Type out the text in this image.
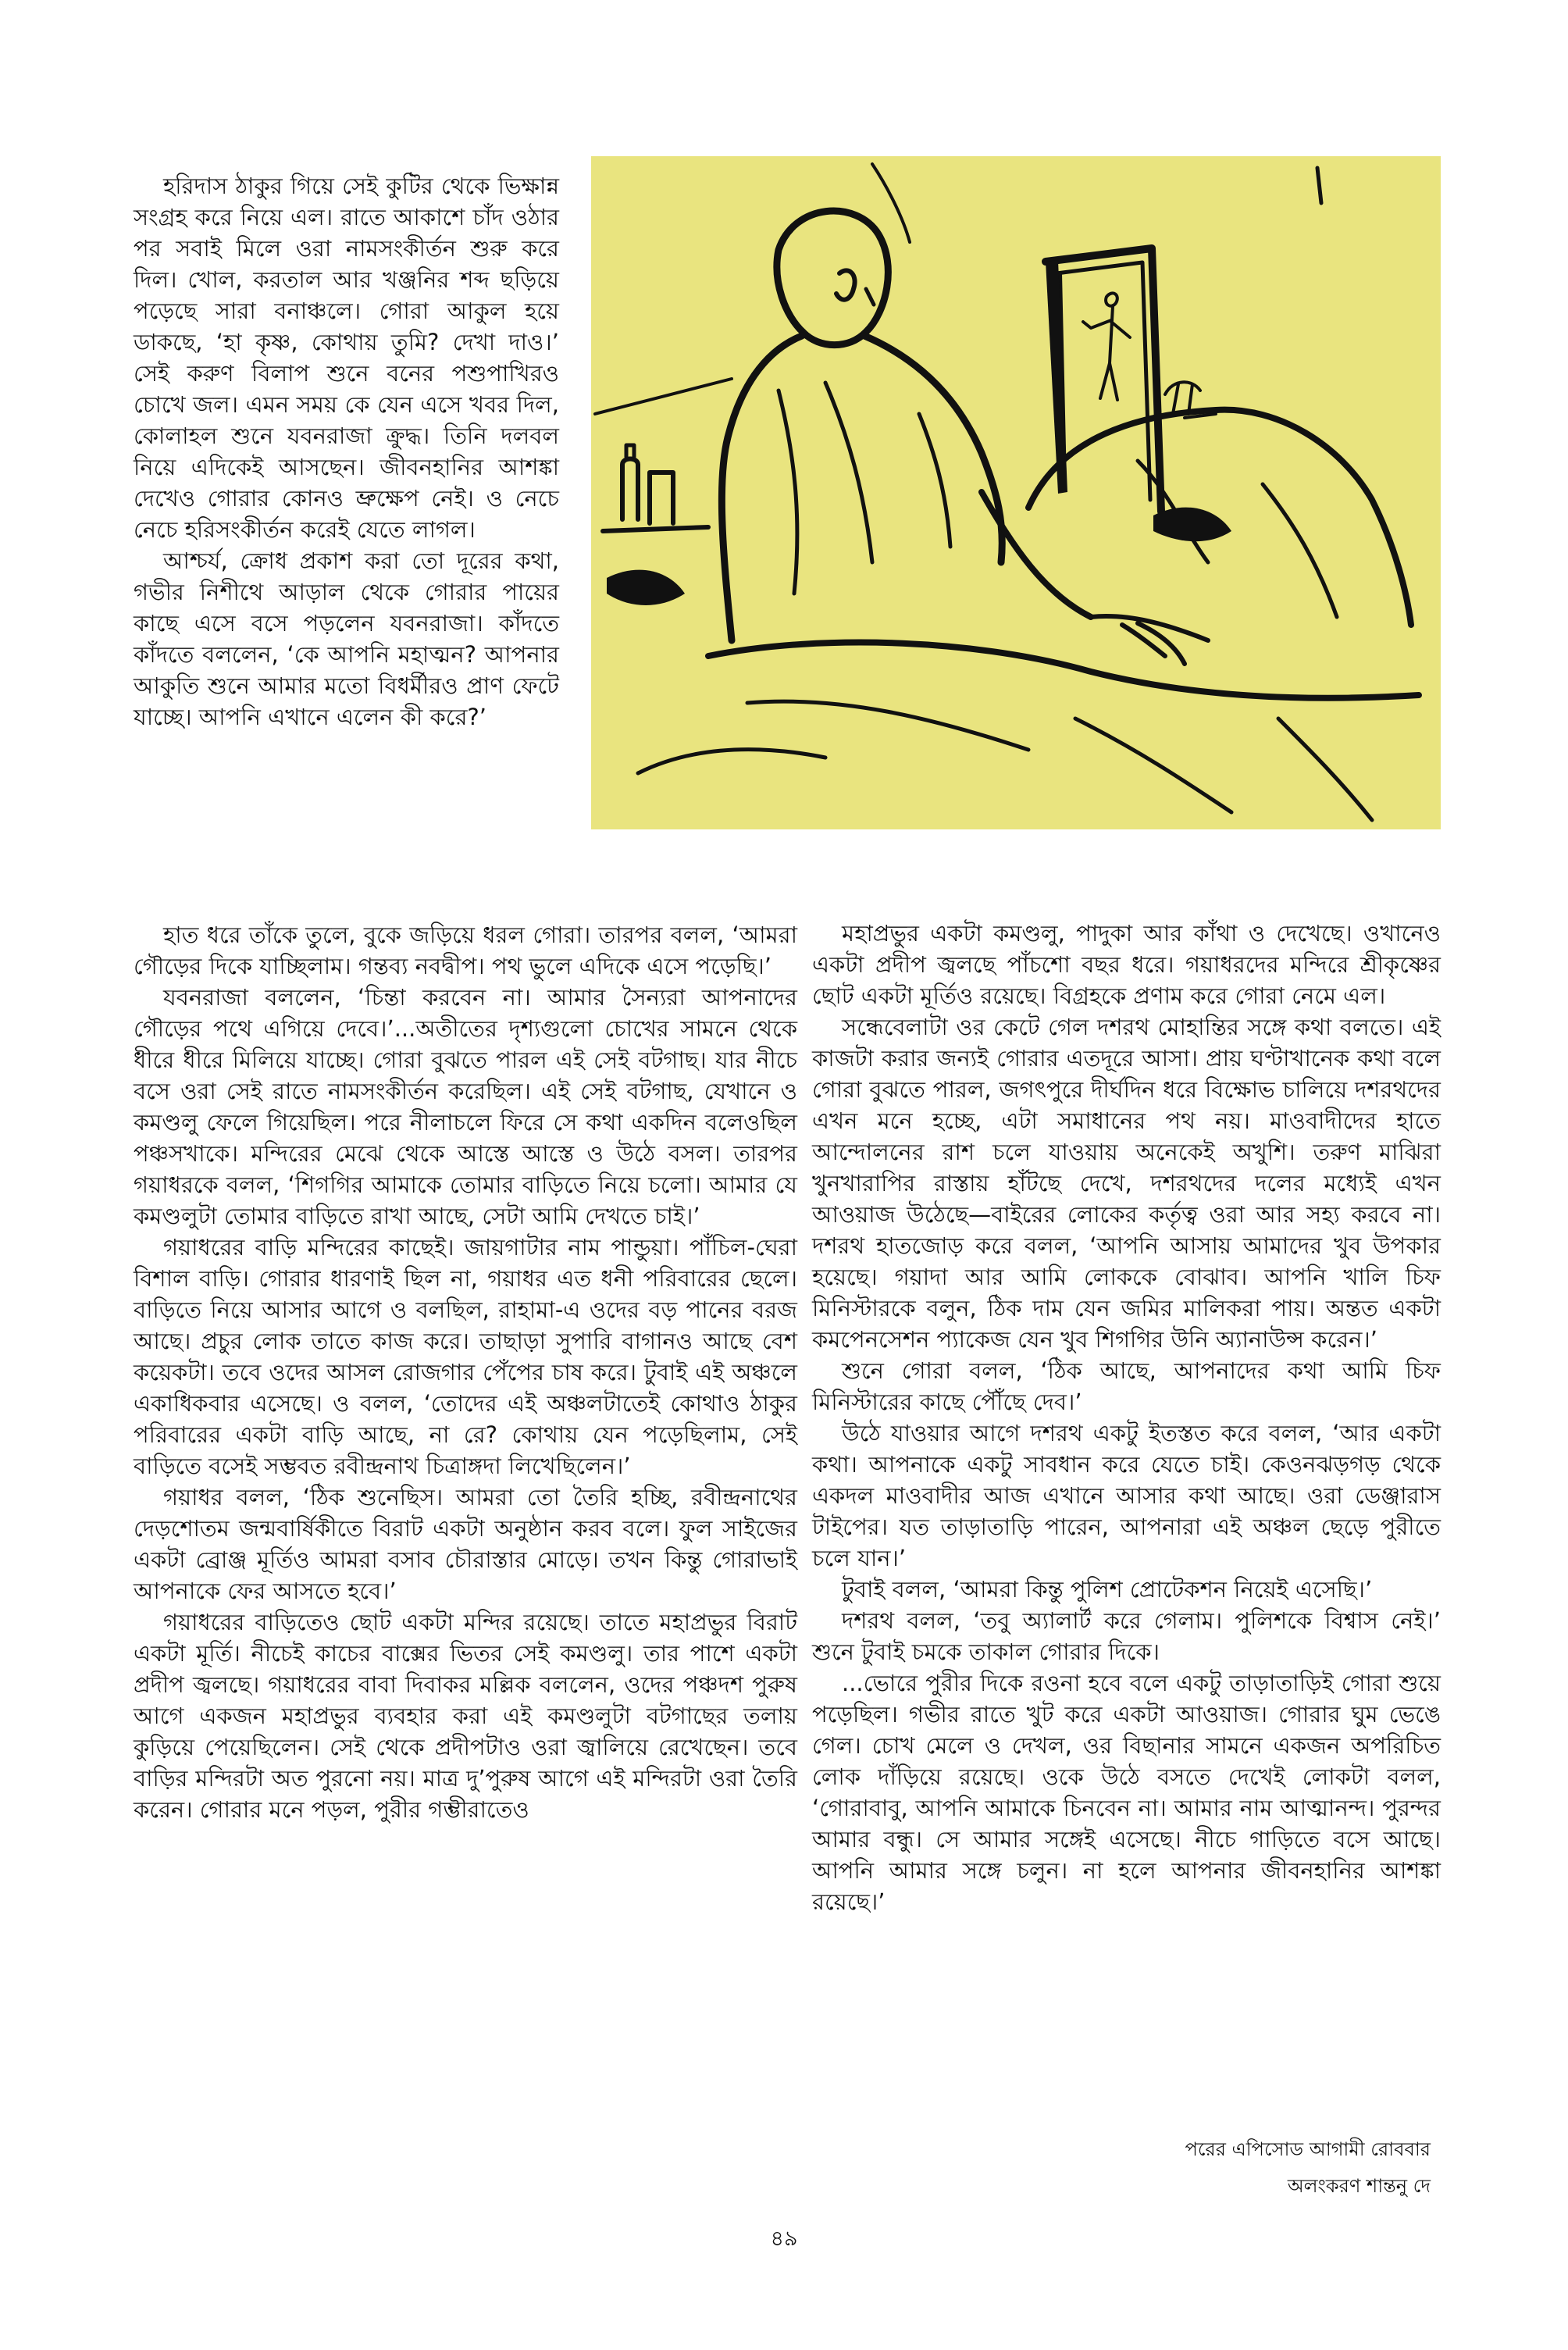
হরিদাস ঠাকুর গিয়ে সেই কুটির থেকে ভিক্ষান্ন সংগ্রহ করে নিয়ে এল। রাতে আকাশে চাঁদ ওঠার পর সবাই মিলে ওরা নামসংকীর্তন শুরু করে দিল। খোল, করতাল আর খঞ্জনির শব্দ ছড়িয়ে পড়েছে সারা বনাঞ্চলে। গোরা আকুল হয়ে ডাকছে, ‘হা কৃষ্ণ, কোথায় তুমি? দেখা দাও।’ সেই করুণ বিলাপ শুনে বনের পশুপাখিরও চোখে জল। এমন সময় কে যেন এসে খবর দিল, কোলাহল শুনে যবনরাজা ক্রুদ্ধ। তিনি দলবল নিয়ে এদিকেই আসছেন। জীবনহানির আশঙ্কা দেখেও গোরার কোনও ভ্রুক্ষেপ নেই। ও নেচে নেচে হরিসংকীর্তন করেই যেতে লাগল।

আশ্চর্য, ক্রোধ প্রকাশ করা তো দূরের কথা, গভীর নিশীথে আড়াল থেকে গোরার পায়ের কাছে এসে বসে পড়লেন যবনরাজা। কাঁদতে কাঁদতে বললেন, ‘কে আপনি মহাত্মন? আপনার আকুতি শুনে আমার মতো বিধর্মীরও প্রাণ ফেটে যাচ্ছে। আপনি এখানে এলেন কী করে?’

হাত ধরে তাঁকে তুলে, বুকে জড়িয়ে ধরল গোরা। তারপর বলল, ‘আমরা গৌড়ের দিকে যাচ্ছিলাম। গন্তব্য নবদ্বীপ। পথ ভুলে এদিকে এসে পড়েছি।’

যবনরাজা বললেন, ‘চিন্তা করবেন না। আমার সৈন্যরা আপনাদের গৌড়ের পথে এগিয়ে দেবে।’...অতীতের দৃশ্যগুলো চোখের সামনে থেকে ধীরে ধীরে মিলিয়ে যাচ্ছে। গোরা বুঝতে পারল এই সেই বটগাছ। যার নীচে বসে ওরা সেই রাতে নামসংকীর্তন করেছিল। এই সেই বটগাছ, যেখানে ও কমণ্ডলু ফেলে গিয়েছিল। পরে নীলাচলে ফিরে সে কথা একদিন বলেওছিল পঞ্চসখাকে। মন্দিরের মেঝে থেকে আস্তে আস্তে ও উঠে বসল। তারপর গয়াধরকে বলল, ‘শিগগির আমাকে তোমার বাড়িতে নিয়ে চলো। আমার যে কমণ্ডলুটা তোমার বাড়িতে রাখা আছে, সেটা আমি দেখতে চাই।’

গয়াধরের বাড়ি মন্দিরের কাছেই। জায়গাটার নাম পান্ডুয়া। পাঁচিল-ঘেরা বিশাল বাড়ি। গোরার ধারণাই ছিল না, গয়াধর এত ধনী পরিবারের ছেলে। বাড়িতে নিয়ে আসার আগে ও বলছিল, রাহামা-এ ওদের বড় পানের বরজ আছে। প্রচুর লোক তাতে কাজ করে। তাছাড়া সুপারি বাগানও আছে বেশ কয়েকটা। তবে ওদের আসল রোজগার পেঁপের চাষ করে। টুবাই এই অঞ্চলে একাধিকবার এসেছে। ও বলল, ‘তোদের এই অঞ্চলটাতেই কোথাও ঠাকুর পরিবারের একটা বাড়ি আছে, না রে? কোথায় যেন পড়েছিলাম, সেই বাড়িতে বসেই সম্ভবত রবীন্দ্রনাথ চিত্রাঙ্গদা লিখেছিলেন।’

গয়াধর বলল, ‘ঠিক শুনেছিস। আমরা তো তৈরি হচ্ছি, রবীন্দ্রনাথের দেড়শোতম জন্মবার্ষিকীতে বিরাট একটা অনুষ্ঠান করব বলে। ফুল সাইজের একটা ব্রোঞ্জ মূর্তিও আমরা বসাব চৌরাস্তার মোড়ে। তখন কিন্তু গোরাভাই আপনাকে ফের আসতে হবে।’

গয়াধরের বাড়িতেও ছোট একটা মন্দির রয়েছে। তাতে মহাপ্রভুর বিরাট একটা মূর্তি। নীচেই কাচের বাক্সের ভিতর সেই কমণ্ডলু। তার পাশে একটা প্রদীপ জ্বলছে। গয়াধরের বাবা দিবাকর মল্লিক বললেন, ওদের পঞ্চদশ পুরুষ আগে একজন মহাপ্রভুর ব্যবহার করা এই কমণ্ডলুটা বটগাছের তলায় কুড়িয়ে পেয়েছিলেন। সেই থেকে প্রদীপটাও ওরা জ্বালিয়ে রেখেছেন। তবে বাড়ির মন্দিরটা অত পুরনো নয়। মাত্র দু’পুরুষ আগে এই মন্দিরটা ওরা তৈরি করেন। গোরার মনে পড়ল, পুরীর গম্ভীরাতেও

মহাপ্রভুর একটা কমণ্ডলু, পাদুকা আর কাঁথা ও দেখেছে। ওখানেও একটা প্রদীপ জ্বলছে পাঁচশো বছর ধরে। গয়াধরদের মন্দিরে শ্রীকৃষ্ণের ছোট একটা মূর্তিও রয়েছে। বিগ্রহকে প্রণাম করে গোরা নেমে এল।

সন্ধেবেলাটা ওর কেটে গেল দশরথ মোহান্তির সঙ্গে কথা বলতে। এই কাজটা করার জন্যই গোরার এতদূরে আসা। প্রায় ঘণ্টাখানেক কথা বলে গোরা বুঝতে পারল, জগৎপুরে দীর্ঘদিন ধরে বিক্ষোভ চালিয়ে দশরথদের এখন মনে হচ্ছে, এটা সমাধানের পথ নয়। মাওবাদীদের হাতে আন্দোলনের রাশ চলে যাওয়ায় অনেকেই অখুশি। তরুণ মাঝিরা খুনখারাপির রাস্তায় হাঁটছে দেখে, দশরথদের দলের মধ্যেই এখন আওয়াজ উঠেছে—বাইরের লোকের কর্তৃত্ব ওরা আর সহ্য করবে না। দশরথ হাতজোড় করে বলল, ‘আপনি আসায় আমাদের খুব উপকার হয়েছে। গয়াদা আর আমি লোককে বোঝাব। আপনি খালি চিফ মিনিস্টারকে বলুন, ঠিক দাম যেন জমির মালিকরা পায়। অন্তত একটা কমপেনসেশন প্যাকেজ যেন খুব শিগগির উনি অ্যানাউন্স করেন।’

শুনে গোরা বলল, ‘ঠিক আছে, আপনাদের কথা আমি চিফ মিনিস্টারের কাছে পৌঁছে দেব।’

উঠে যাওয়ার আগে দশরথ একটু ইতস্তত করে বলল, ‘আর একটা কথা। আপনাকে একটু সাবধান করে যেতে চাই। কেওনঝড়গড় থেকে একদল মাওবাদীর আজ এখানে আসার কথা আছে। ওরা ডেঞ্জারাস টাইপের। যত তাড়াতাড়ি পারেন, আপনারা এই অঞ্চল ছেড়ে পুরীতে চলে যান।’

টুবাই বলল, ‘আমরা কিন্তু পুলিশ প্রোটেকশন নিয়েই এসেছি।’

দশরথ বলল, ‘তবু অ্যালার্ট করে গেলাম। পুলিশকে বিশ্বাস নেই।’ শুনে টুবাই চমকে তাকাল গোরার দিকে।

...ভোরে পুরীর দিকে রওনা হবে বলে একটু তাড়াতাড়িই গোরা শুয়ে পড়েছিল। গভীর রাতে খুট করে একটা আওয়াজ। গোরার ঘুম ভেঙে গেল। চোখ মেলে ও দেখল, ওর বিছানার সামনে একজন অপরিচিত লোক দাঁড়িয়ে রয়েছে। ওকে উঠে বসতে দেখেই লোকটা বলল, ‘গোরাবাবু, আপনি আমাকে চিনবেন না। আমার নাম আত্মানন্দ। পুরন্দর আমার বন্ধু। সে আমার সঙ্গেই এসেছে। নীচে গাড়িতে বসে আছে। আপনি আমার সঙ্গে চলুন। না হলে আপনার জীবনহানির আশঙ্কা রয়েছে।’

পরের এপিসোড আগামী রোববার
অলংকরণ শান্তনু দে
৪৯
